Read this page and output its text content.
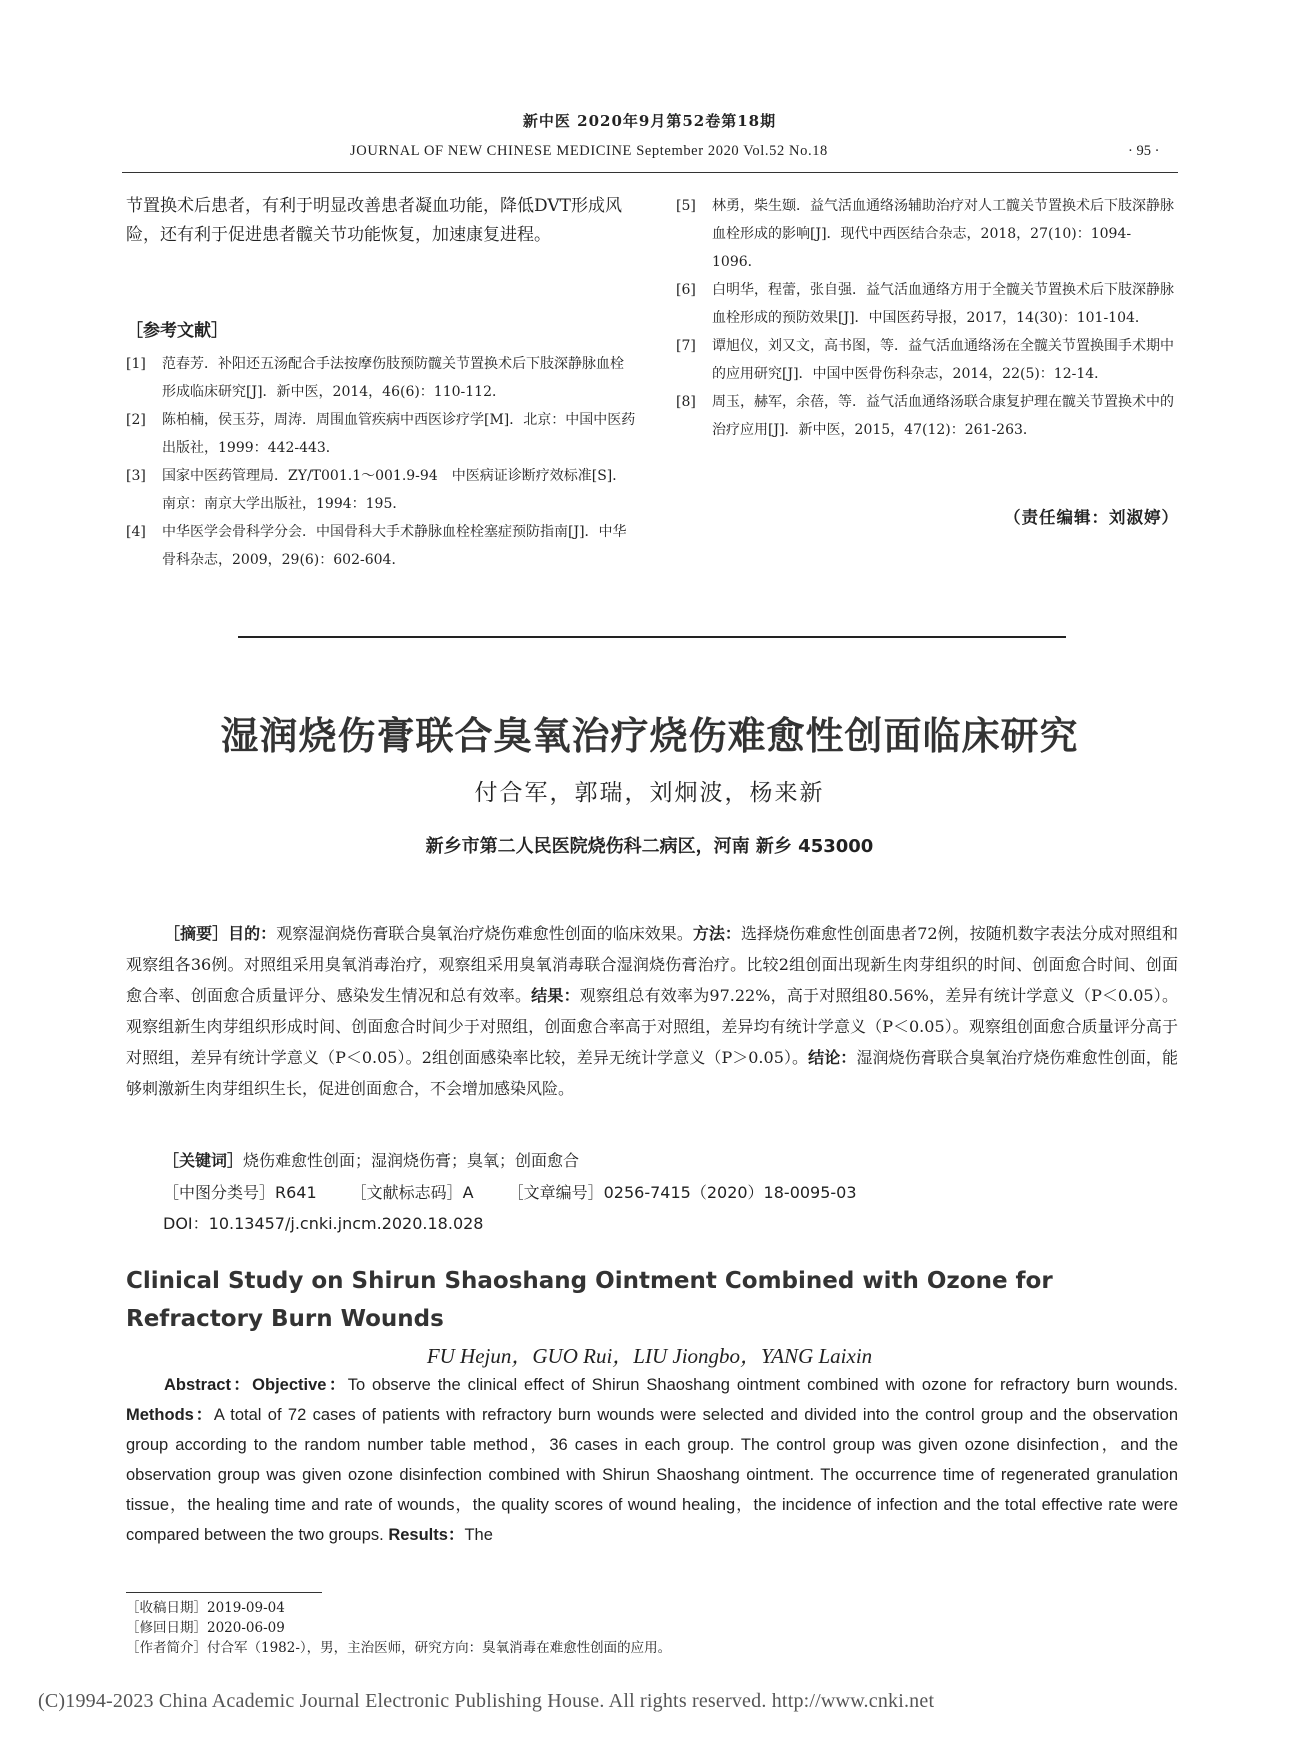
新中医 2020年9月第52卷第18期
JOURNAL OF NEW CHINESE MEDICINE September 2020 Vol.52 No.18	· 95 ·
节置换术后患者，有利于明显改善患者凝血功能，降低DVT形成风险，还有利于促进患者髋关节功能恢复，加速康复进程。
［参考文献］
[1]	范春芳．补阳还五汤配合手法按摩伤肢预防髋关节置换术后下肢深静脉血栓形成临床研究[J]．新中医，2014，46(6)：110-112．
[2]	陈柏楠，侯玉芬，周涛．周围血管疾病中西医诊疗学[M]．北京：中国中医药出版社，1999：442-443．
[3]	国家中医药管理局．ZY/T001.1～001.9-94　中医病证诊断疗效标准[S]．南京：南京大学出版社，1994：195．
[4]	中华医学会骨科学分会．中国骨科大手术静脉血栓栓塞症预防指南[J]．中华骨科杂志，2009，29(6)：602-604．
[5]	林勇，柴生颋．益气活血通络汤辅助治疗对人工髋关节置换术后下肢深静脉血栓形成的影响[J]．现代中西医结合杂志，2018，27(10)：1094-1096．
[6]	白明华，程蕾，张自强．益气活血通络方用于全髋关节置换术后下肢深静脉血栓形成的预防效果[J]．中国医药导报，2017，14(30)：101-104．
[7]	谭旭仪，刘又文，高书图，等．益气活血通络汤在全髋关节置换围手术期中的应用研究[J]．中国中医骨伤科杂志，2014，22(5)：12-14．
[8]	周玉，赫军，余蓓，等．益气活血通络汤联合康复护理在髋关节置换术中的治疗应用[J]．新中医，2015，47(12)：261-263．
（责任编辑：刘淑婷）
湿润烧伤膏联合臭氧治疗烧伤难愈性创面临床研究
付合军，郭瑞，刘炯波，杨来新
新乡市第二人民医院烧伤科二病区，河南 新乡 453000
［摘要］目的：观察湿润烧伤膏联合臭氧治疗烧伤难愈性创面的临床效果。方法：选择烧伤难愈性创面患者72例，按随机数字表法分成对照组和观察组各36例。对照组采用臭氧消毒治疗，观察组采用臭氧消毒联合湿润烧伤膏治疗。比较2组创面出现新生肉芽组织的时间、创面愈合时间、创面愈合率、创面愈合质量评分、感染发生情况和总有效率。结果：观察组总有效率为97.22%，高于对照组80.56%，差异有统计学意义（P＜0.05）。观察组新生肉芽组织形成时间、创面愈合时间少于对照组，创面愈合率高于对照组，差异均有统计学意义（P＜0.05）。观察组创面愈合质量评分高于对照组，差异有统计学意义（P＜0.05）。2组创面感染率比较，差异无统计学意义（P＞0.05）。结论：湿润烧伤膏联合臭氧治疗烧伤难愈性创面，能够刺激新生肉芽组织生长，促进创面愈合，不会增加感染风险。
［关键词］烧伤难愈性创面；湿润烧伤膏；臭氧；创面愈合
［中图分类号］R641 ［文献标志码］A ［文章编号］0256-7415（2020）18-0095-03
DOI：10.13457/j.cnki.jncm.2020.18.028
Clinical Study on Shirun Shaoshang Ointment Combined with Ozone for Refractory Burn Wounds
FU Hejun，GUO Rui，LIU Jiongbo，YANG Laixin
Abstract：Objective：To observe the clinical effect of Shirun Shaoshang ointment combined with ozone for refractory burn wounds. Methods：A total of 72 cases of patients with refractory burn wounds were selected and divided into the control group and the observation group according to the random number table method，36 cases in each group. The control group was given ozone disinfection，and the observation group was given ozone disinfection combined with Shirun Shaoshang ointment. The occurrence time of regenerated granulation tissue，the healing time and rate of wounds，the quality scores of wound healing，the incidence of infection and the total effective rate were compared between the two groups. Results：The
［收稿日期］2019-09-04
［修回日期］2020-06-09
［作者简介］付合军（1982-），男，主治医师，研究方向：臭氧消毒在难愈性创面的应用。
(C)1994-2023 China Academic Journal Electronic Publishing House. All rights reserved. http://www.cnki.net
